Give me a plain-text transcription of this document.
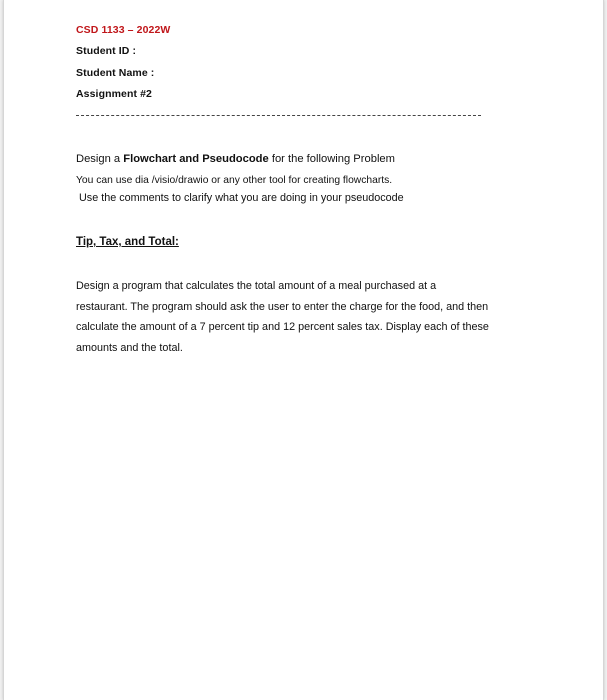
CSD 1133 – 2022W
Student ID :
Student Name :
Assignment #2
Design a Flowchart and Pseudocode for the following Problem
You can use dia /visio/drawio or any other tool for creating flowcharts.
Use the comments to clarify what you are doing in your pseudocode
Tip, Tax, and Total:
Design a program that calculates the total amount of a meal purchased at a
restaurant. The program should ask the user to enter the charge for the food, and then
calculate the amount of a 7 percent tip and 12 percent sales tax. Display each of these
amounts and the total.
